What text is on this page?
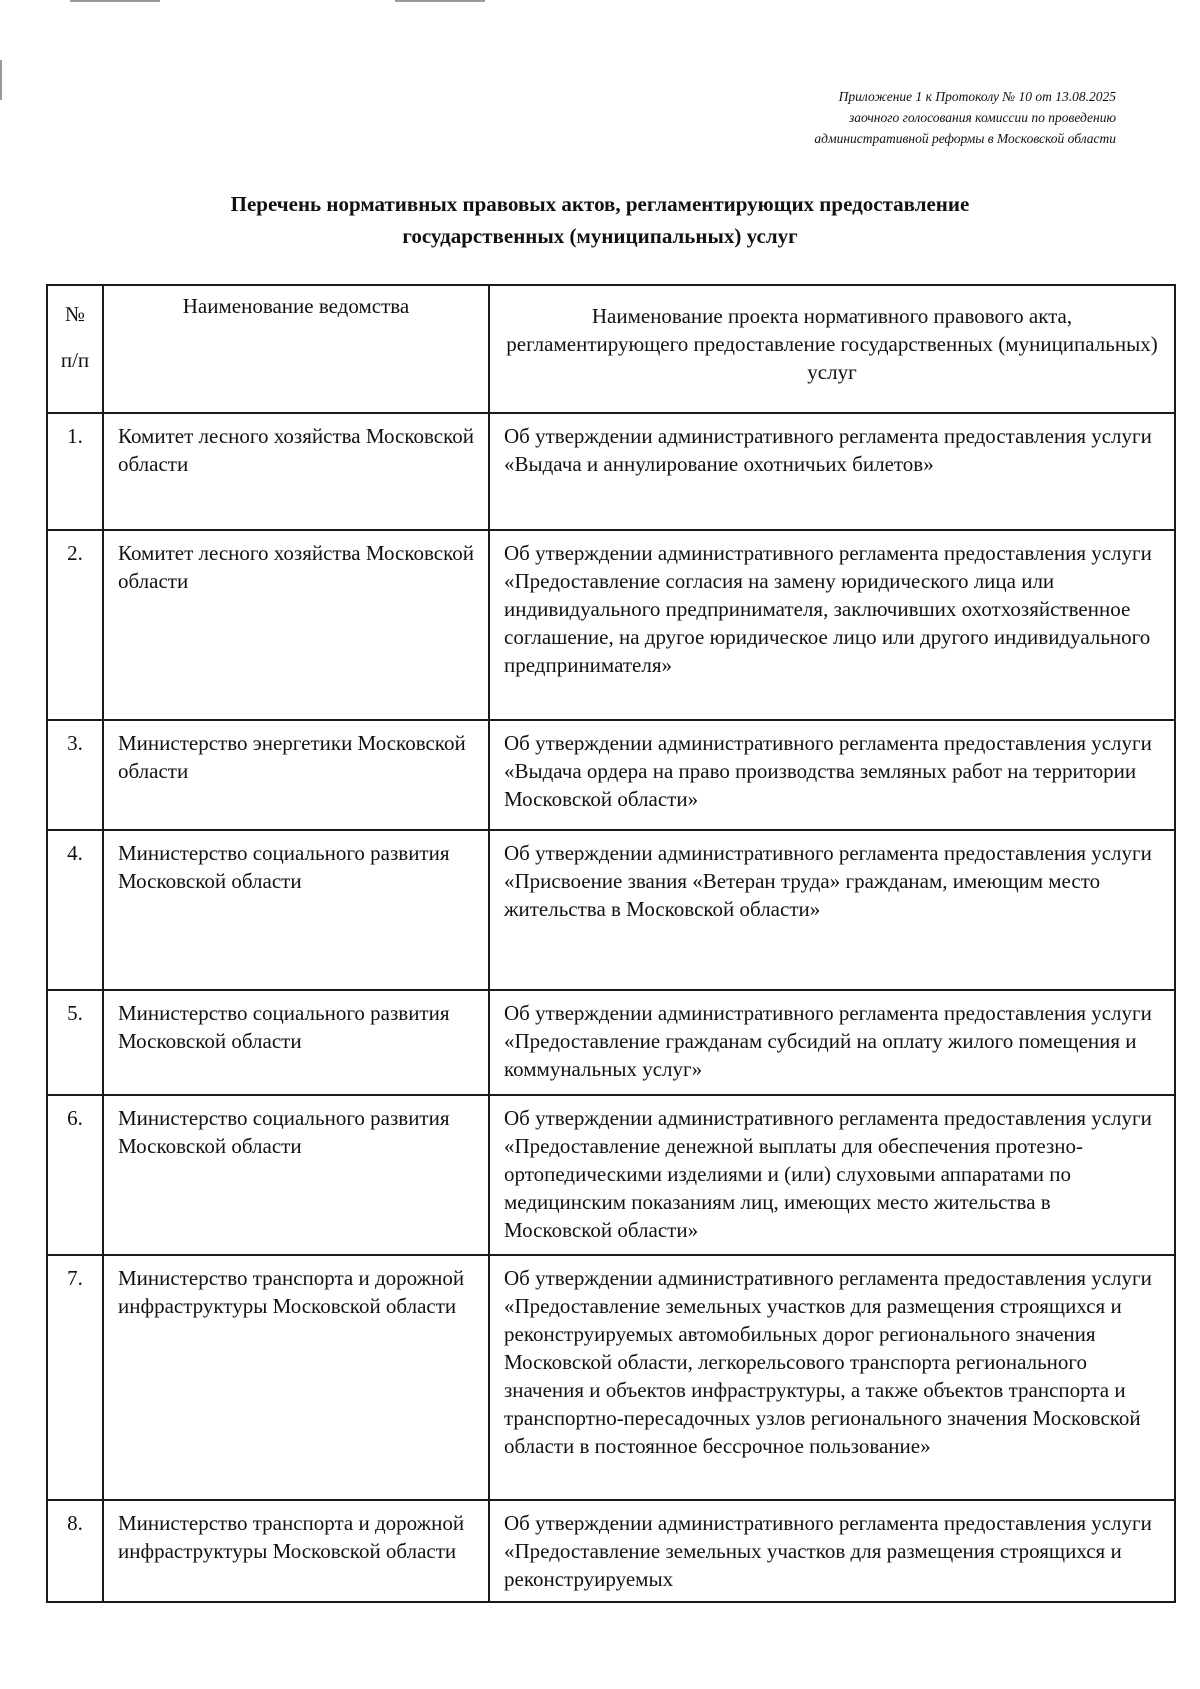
Приложение 1 к Протоколу № 10 от 13.08.2025
заочного голосования комиссии по проведению
административной реформы в Московской области
Перечень нормативных правовых актов, регламентирующих предоставление
государственных (муниципальных) услуг
№
п/п	Наименование ведомства	Наименование проекта нормативного правового акта, регламентирующего предоставление государственных (муниципальных) услуг
1.	Комитет лесного хозяйства Московской области	Об утверждении административного регламента предоставления услуги «Выдача и аннулирование охотничьих билетов»
2.	Комитет лесного хозяйства Московской области	Об утверждении административного регламента предоставления услуги «Предоставление согласия на замену юридического лица или индивидуального предпринимателя, заключивших охотхозяйственное соглашение, на другое юридическое лицо или другого индивидуального предпринимателя»
3.	Министерство энергетики Московской области	Об утверждении административного регламента предоставления услуги «Выдача ордера на право производства земляных работ на территории Московской области»
4.	Министерство социального развития Московской области	Об утверждении административного регламента предоставления услуги «Присвоение звания «Ветеран труда» гражданам, имеющим место жительства в Московской области»
5.	Министерство социального развития Московской области	Об утверждении административного регламента предоставления услуги «Предоставление гражданам субсидий на оплату жилого помещения и коммунальных услуг»
6.	Министерство социального развития Московской области	Об утверждении административного регламента предоставления услуги «Предоставление денежной выплаты для обеспечения протезно-ортопедическими изделиями и (или) слуховыми аппаратами по медицинским показаниям лиц, имеющих место жительства в Московской области»
7.	Министерство транспорта и дорожной инфраструктуры Московской области	Об утверждении административного регламента предоставления услуги «Предоставление земельных участков для размещения строящихся и реконструируемых автомобильных дорог регионального значения Московской области, легкорельсового транспорта регионального значения и объектов инфраструктуры, а также объектов транспорта и транспортно-пересадочных узлов регионального значения Московской области в постоянное бессрочное пользование»
8.	Министерство транспорта и дорожной инфраструктуры Московской области	Об утверждении административного регламента предоставления услуги «Предоставление земельных участков для размещения строящихся и реконструируемых
